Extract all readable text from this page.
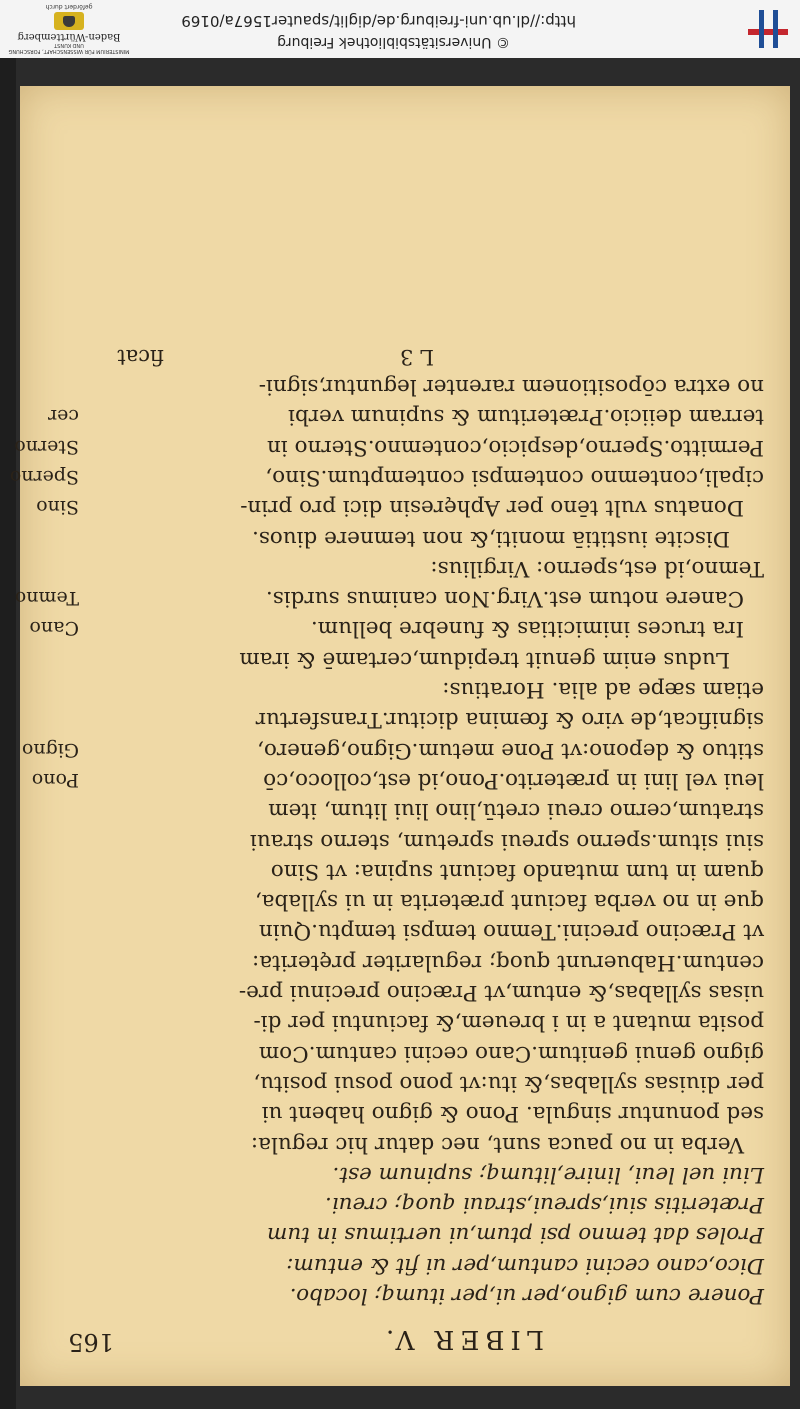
© Universitätsbibliothek Freiburg
http://dl.ub.uni-freiburg.de/diglit/spauter1567a/0169
MINISTERIUM FÜR WISSENSCHAFT, FORSCHUNG UND KUNST
Baden-Württemberg
gefördert durch
LIBER V.
165
Ponere cum gigno,per ui,per itumq; locabo.
Dico,cano cecini cantum,per ui fit & entum:
Proles dat temno psi ptum,ui uertimus in tum
Præteritis siui,spreui,straui quoq; creui.
Liui uel leui, linire,litumq; supinum est.
Verba in no pauca sunt, nec datur hic regula:
sed ponuntur singula. Pono & gigno habent ui
per diuisas syllabas,& itu:vt pono posui positu,
gigno genui genitum.Cano cecini cantum.Com
posita mutant a in i breuem,& faciuntui per di-
uisas syllabas,& entum,vt Præcino precinui pre-
centum.Habuerunt quoq; regulariter pręterita:
vt Præcino precini.Temno tempsi temptu.Quin
que in no verba faciunt præterita in ui syllaba,
quam in tum mutando faciunt supina: vt Sino
siui situm.sperno spreui spretum, sterno straui
stratum,cerno creui cretū,lino liui litum, item
leui vel lini in præterito.Pono,id est,colloco,cō
Pono
stituo & depono:vt Pone metum.Gigno,genero,
Gigno
significat,de viro & fœmina dicitur.Transfertur
etiam sæpe ad alia. Horatius:
Ludus enim genuit trepidum,certamē & iram
Ira truces inimicitias & funebre bellum.
Cano
Canere notum est.Virg.Non canimus surdis.
Temno
Temno,id est,sperno: Virgilius:
Discite iustitiā moniti,& non temnere diuos.
Donatus vult tēno per Aphęresin dici pro prin-
Sino
cipali,contemno contempsi contemptum.Sino,
Sperno
Permitto.Sperno,despicio,contemno.Sterno in
Sterno
terram deiicio.Præteritum & supinum verbi
cer
no extra cōpositionem rarenter leguntur,signi-
L 3
ficat
